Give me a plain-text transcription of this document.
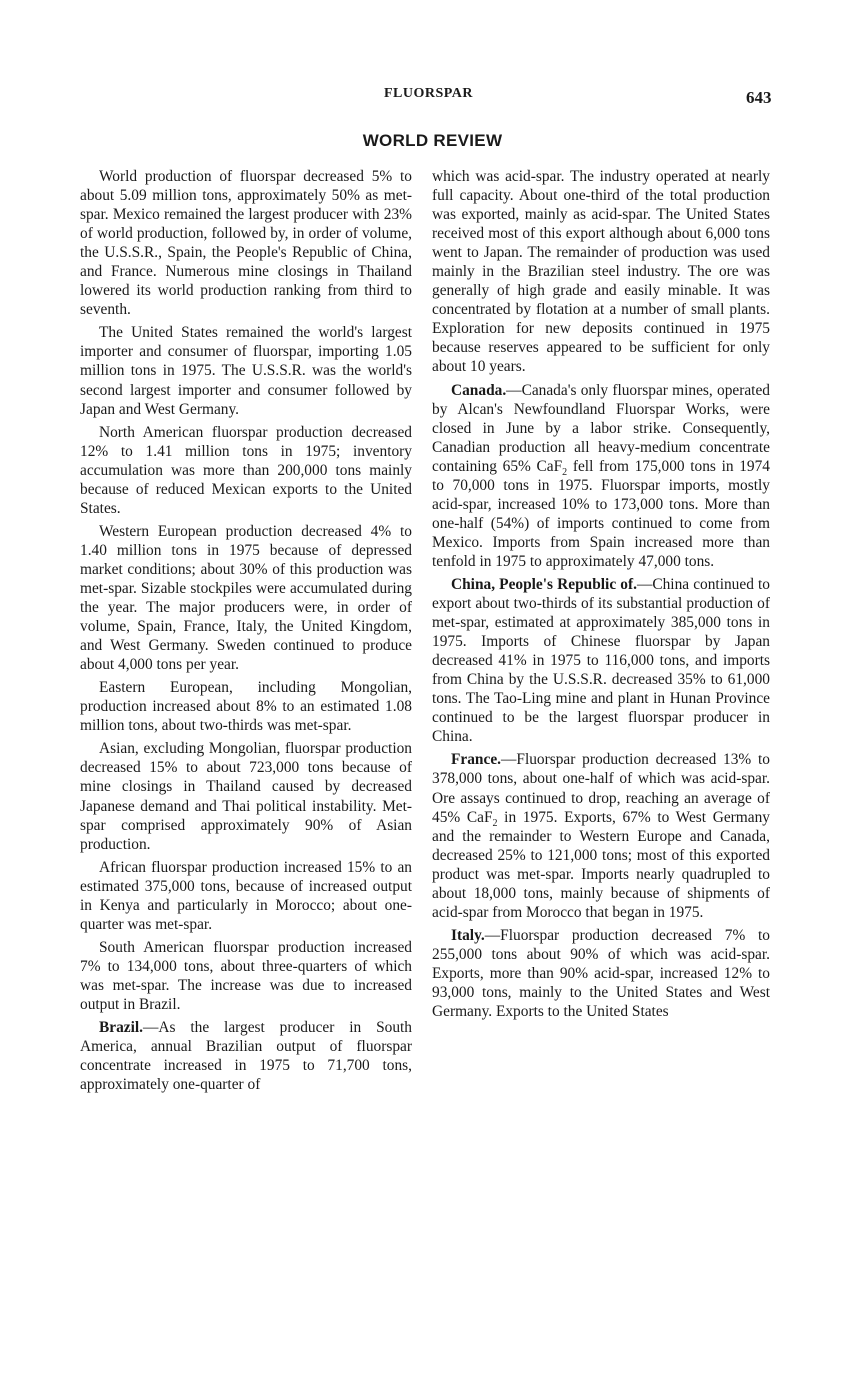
FLUORSPAR	643
WORLD REVIEW

World production of fluorspar decreased 5% to about 5.09 million tons, approximately 50% as met-spar. Mexico remained the largest producer with 23% of world production, followed by, in order of volume, the U.S.S.R., Spain, the People's Republic of China, and France. Numerous mine closings in Thailand lowered its world production ranking from third to seventh.

The United States remained the world's largest importer and consumer of fluorspar, importing 1.05 million tons in 1975. The U.S.S.R. was the world's second largest importer and consumer followed by Japan and West Germany.

North American fluorspar production decreased 12% to 1.41 million tons in 1975; inventory accumulation was more than 200,000 tons mainly because of reduced Mexican exports to the United States.

Western European production decreased 4% to 1.40 million tons in 1975 because of depressed market conditions; about 30% of this production was met-spar. Sizable stockpiles were accumulated during the year. The major producers were, in order of volume, Spain, France, Italy, the United Kingdom, and West Germany. Sweden continued to produce about 4,000 tons per year.

Eastern European, including Mongolian, production increased about 8% to an estimated 1.08 million tons, about two-thirds was met-spar.

Asian, excluding Mongolian, fluorspar production decreased 15% to about 723,000 tons because of mine closings in Thailand caused by decreased Japanese demand and Thai political instability. Met-spar comprised approximately 90% of Asian production.

African fluorspar production increased 15% to an estimated 375,000 tons, because of increased output in Kenya and particularly in Morocco; about one-quarter was met-spar.

South American fluorspar production increased 7% to 134,000 tons, about three-quarters of which was met-spar. The increase was due to increased output in Brazil.

Brazil.—As the largest producer in South America, annual Brazilian output of fluorspar concentrate increased in 1975 to 71,700 tons, approximately one-quarter of

which was acid-spar. The industry operated at nearly full capacity. About one-third of the total production was exported, mainly as acid-spar. The United States received most of this export although about 6,000 tons went to Japan. The remainder of production was used mainly in the Brazilian steel industry. The ore was generally of high grade and easily minable. It was concentrated by flotation at a number of small plants. Exploration for new deposits continued in 1975 because reserves appeared to be sufficient for only about 10 years.

Canada.—Canada's only fluorspar mines, operated by Alcan's Newfoundland Fluorspar Works, were closed in June by a labor strike. Consequently, Canadian production all heavy-medium concentrate containing 65% CaF$_2$ fell from 175,000 tons in 1974 to 70,000 tons in 1975. Fluorspar imports, mostly acid-spar, increased 10% to 173,000 tons. More than one-half (54%) of imports continued to come from Mexico. Imports from Spain increased more than tenfold in 1975 to approximately 47,000 tons.

China, People's Republic of.—China continued to export about two-thirds of its substantial production of met-spar, estimated at approximately 385,000 tons in 1975. Imports of Chinese fluorspar by Japan decreased 41% in 1975 to 116,000 tons, and imports from China by the U.S.S.R. decreased 35% to 61,000 tons. The Tao-Ling mine and plant in Hunan Province continued to be the largest fluorspar producer in China.

France.—Fluorspar production decreased 13% to 378,000 tons, about one-half of which was acid-spar. Ore assays continued to drop, reaching an average of 45% CaF$_2$ in 1975. Exports, 67% to West Germany and the remainder to Western Europe and Canada, decreased 25% to 121,000 tons; most of this exported product was met-spar. Imports nearly quadrupled to about 18,000 tons, mainly because of shipments of acid-spar from Morocco that began in 1975.

Italy.—Fluorspar production decreased 7% to 255,000 tons about 90% of which was acid-spar. Exports, more than 90% acid-spar, increased 12% to 93,000 tons, mainly to the United States and West Germany. Exports to the United States
